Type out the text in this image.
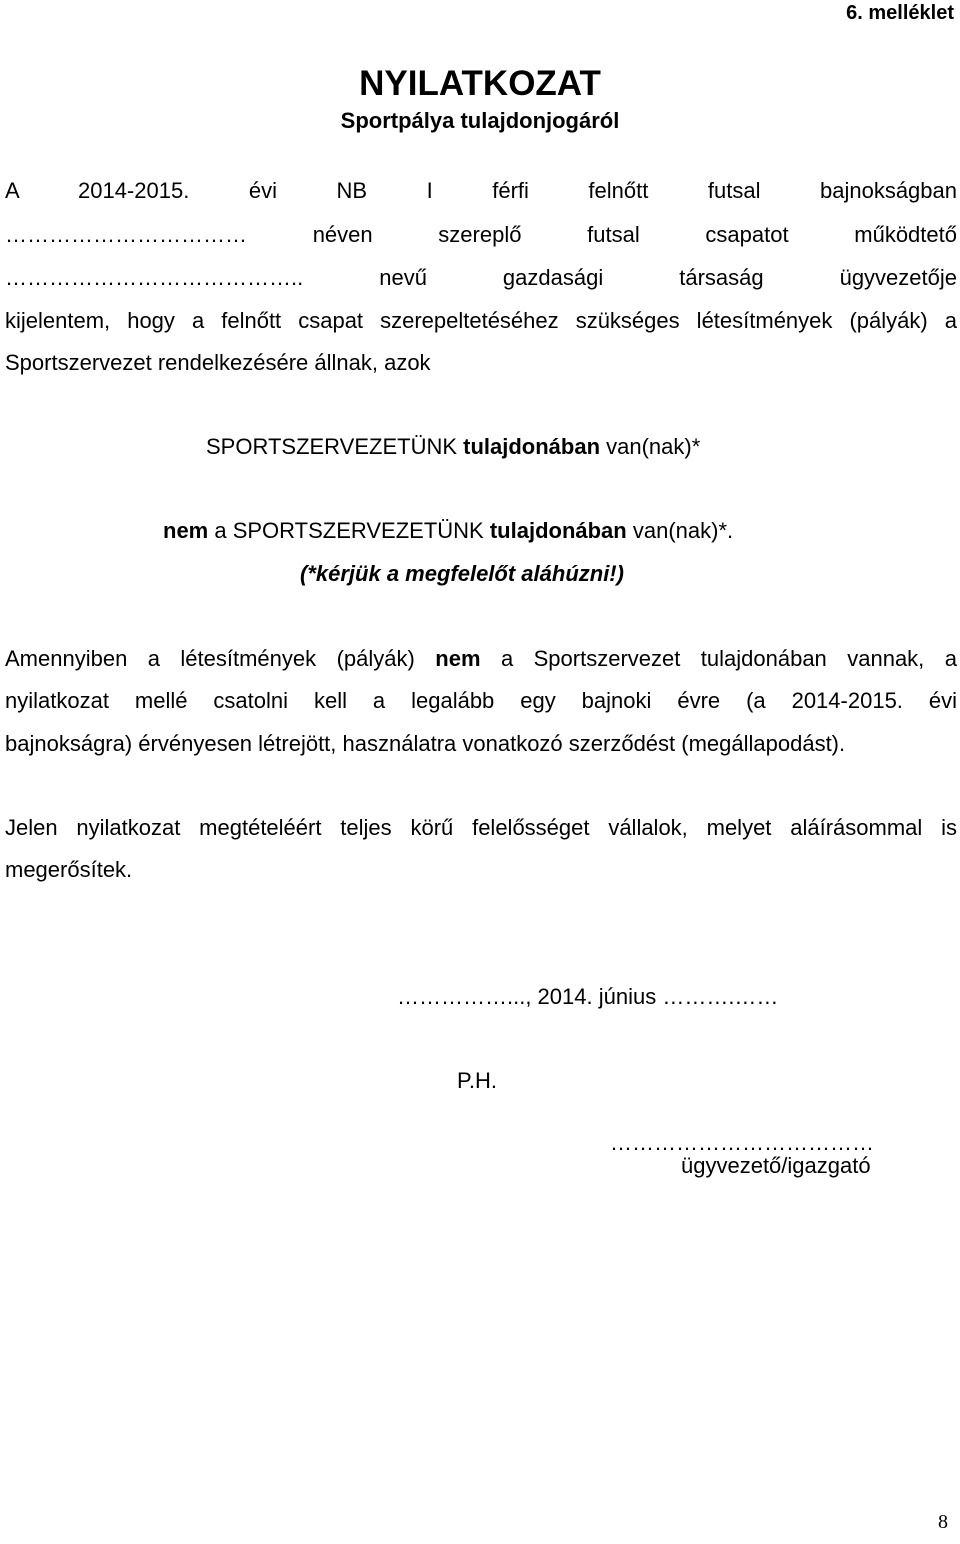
6. melléklet
NYILATKOZAT
Sportpálya tulajdonjogáról
A 2014-2015. évi NB I férfi felnőtt futsal bajnokságban
……………………………	néven szereplő futsal csapatot működtető
…………………………………..	nevű gazdasági társaság ügyvezetője
kijelentem, hogy a felnőtt csapat szerepeltetéséhez szükséges létesítmények (pályák) a
Sportszervezet rendelkezésére állnak, azok
SPORTSZERVEZETÜNK tulajdonában van(nak)*
nem a SPORTSZERVEZETÜNK tulajdonában van(nak)*.
(*kérjük a megfelelőt aláhúzni!)
Amennyiben a létesítmények (pályák) nem a Sportszervezet tulajdonában vannak, a
nyilatkozat mellé csatolni kell a legalább egy bajnoki évre (a 2014-2015. évi
bajnokságra) érvényesen létrejött, használatra vonatkozó szerződést (megállapodást).
Jelen nyilatkozat megtételéért teljes körű felelősséget vállalok, melyet aláírásommal is
megerősítek.
……………..., 2014. június ……….……
P.H.
………………………………
ügyvezető/igazgató
8
